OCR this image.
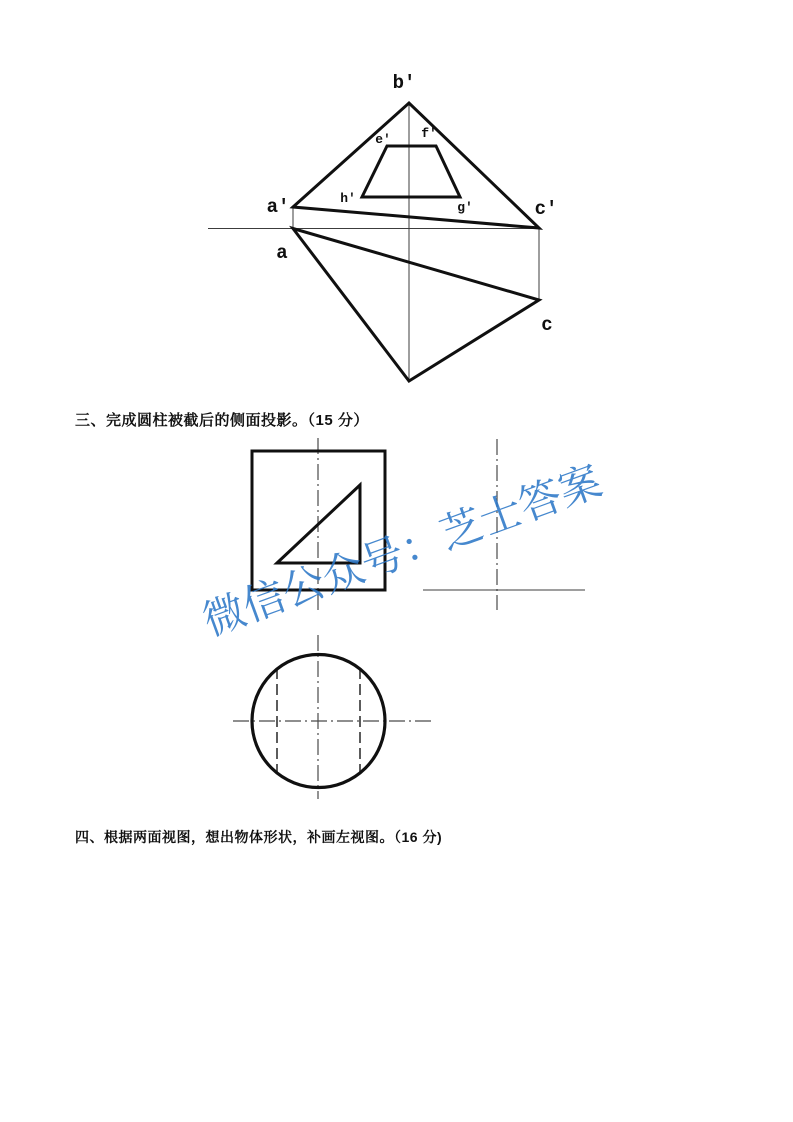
b′
e′ f′
a′	h′
g′	c′
a
c
三、完成圆柱被截后的侧面投影。（15 分）
四、根据两面视图，想出物体形状，补画左视图。（16 分)
微信公众号：芝士答案
